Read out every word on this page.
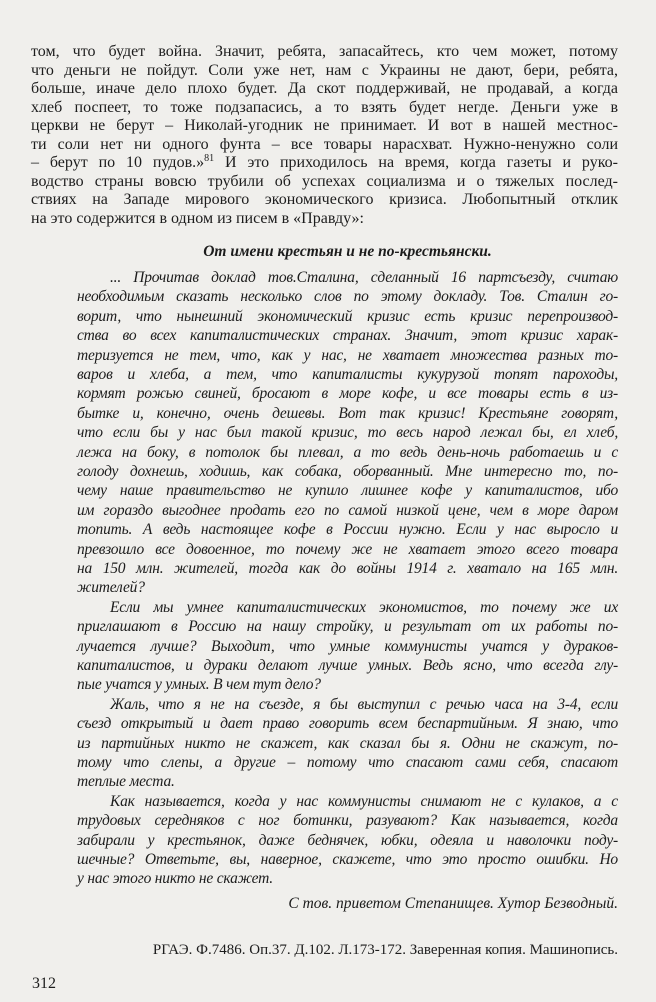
том, что будет война. Значит, ребята, запасайтесь, кто чем может, потому
что деньги не пойдут. Соли уже нет, нам с Украины не дают, бери, ребята,
больше, иначе дело плохо будет. Да скот поддерживай, не продавай, а когда
хлеб поспеет, то тоже подзапасись, а то взять будет негде. Деньги уже в
церкви не берут – Николай-угодник не принимает. И вот в нашей местнос-
ти соли нет ни одного фунта – все товары нарасхват. Нужно-ненужно соли
– берут по 10 пудов.»$^{81}$ И это приходилось на время, когда газеты и руко-
водство страны вовсю трубили об успехах социализма и о тяжелых послед-
ствиях на Западе мирового экономического кризиса. Любопытный отклик
на это содержится в одном из писем в «Правду»:
От имени крестьян и не по-крестьянски.
... Прочитав доклад тов.Сталина, сделанный 16 партсъезду, считаю
необходимым сказать несколько слов по этому докладу. Тов. Сталин го-
ворит, что нынешний экономический кризис есть кризис перепроизвод-
ства во всех капиталистических странах. Значит, этот кризис харак-
теризуется не тем, что, как у нас, не хватает множества разных то-
варов и хлеба, а тем, что капиталисты кукурузой топят пароходы,
кормят рожью свиней, бросают в море кофе, и все товары есть в из-
бытке и, конечно, очень дешевы. Вот так кризис! Крестьяне говорят,
что если бы у нас был такой кризис, то весь народ лежал бы, ел хлеб,
лежа на боку, в потолок бы плевал, а то ведь день-ночь работаешь и с
голоду дохнешь, ходишь, как собака, оборванный. Мне интересно то, по-
чему наше правительство не купило лишнее кофе у капиталистов, ибо
им гораздо выгоднее продать его по самой низкой цене, чем в море даром
топить. А ведь настоящее кофе в России нужно. Если у нас выросло и
превзошло все довоенное, то почему же не хватает этого всего товара
на 150 млн. жителей, тогда как до войны 1914 г. хватало на 165 млн.
жителей?
Если мы умнее капиталистических экономистов, то почему же их
приглашают в Россию на нашу стройку, и результат от их работы по-
лучается лучше? Выходит, что умные коммунисты учатся у дураков-
капиталистов, и дураки делают лучше умных. Ведь ясно, что всегда глу-
пые учатся у умных. В чем тут дело?
Жаль, что я не на съезде, я бы выступил с речью часа на 3-4, если
съезд открытый и дает право говорить всем беспартийным. Я знаю, что
из партийных никто не скажет, как сказал бы я. Одни не скажут, по-
тому что слепы, а другие – потому что спасают сами себя, спасают
теплые места.
Как называется, когда у нас коммунисты снимают не с кулаков, а с
трудовых середняков с ног ботинки, разувают? Как называется, когда
забирали у крестьянок, даже беднячек, юбки, одеяла и наволочки поду-
шечные? Ответьте, вы, наверное, скажете, что это просто ошибки. Но
у нас этого никто не скажет.
С тов. приветом Степанищев. Хутор Безводный.
РГАЭ. Ф.7486. Оп.37. Д.102. Л.173-172. Заверенная копия. Машинопись.
312
